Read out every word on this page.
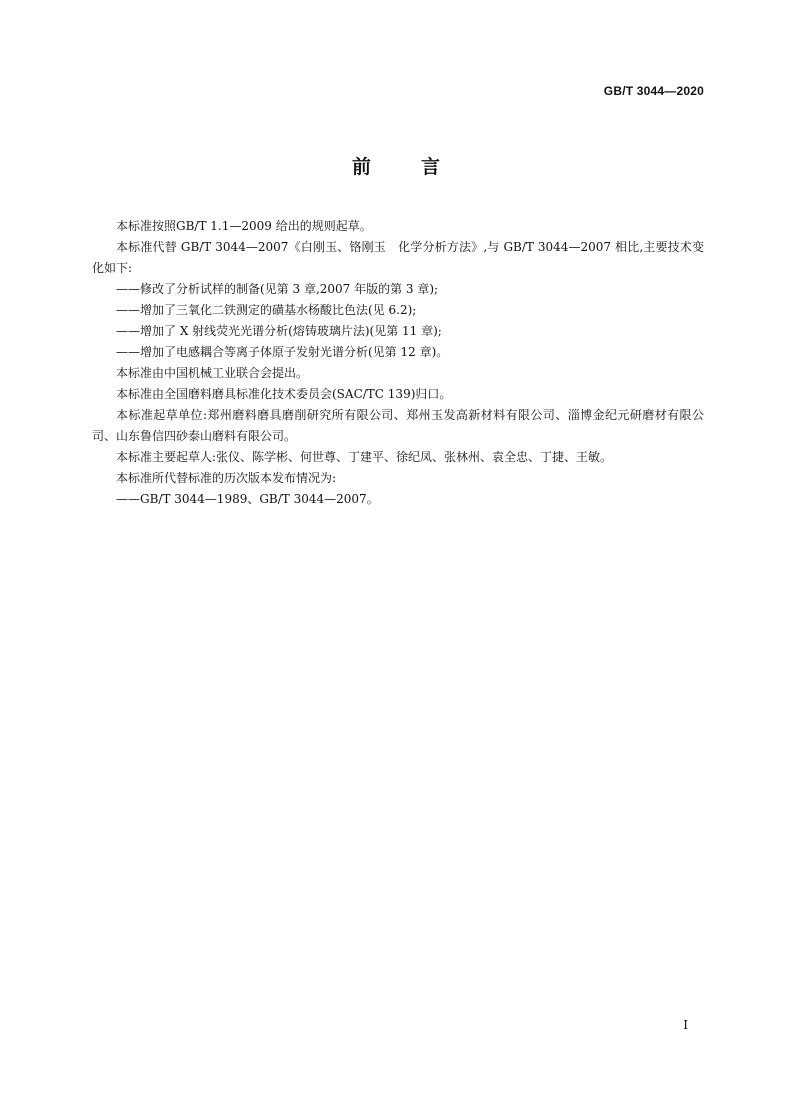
GB/T 3044—2020
前言

本标准按照GB/T 1.1—2009 给出的规则起草。

本标准代替 GB/T 3044—2007《白刚玉、铬刚玉　化学分析方法》,与 GB/T 3044—2007 相比,主要技术变化如下:

——修改了分析试样的制备(见第 3 章,2007 年版的第 3 章);

——增加了三氧化二铁测定的磺基水杨酸比色法(见 6.2);

——增加了 X 射线荧光光谱分析(熔铸玻璃片法)(见第 11 章);

——增加了电感耦合等离子体原子发射光谱分析(见第 12 章)。

本标准由中国机械工业联合会提出。

本标准由全国磨料磨具标准化技术委员会(SAC/TC 139)归口。

本标准起草单位:郑州磨料磨具磨削研究所有限公司、郑州玉发高新材料有限公司、淄博金纪元研磨材有限公司、山东鲁信四砂泰山磨料有限公司。

本标准主要起草人:张仪、陈学彬、何世尊、丁建平、徐纪凤、张林州、袁全忠、丁捷、王敏。

本标准所代替标准的历次版本发布情况为:

——GB/T 3044—1989、GB/T 3044—2007。

I
